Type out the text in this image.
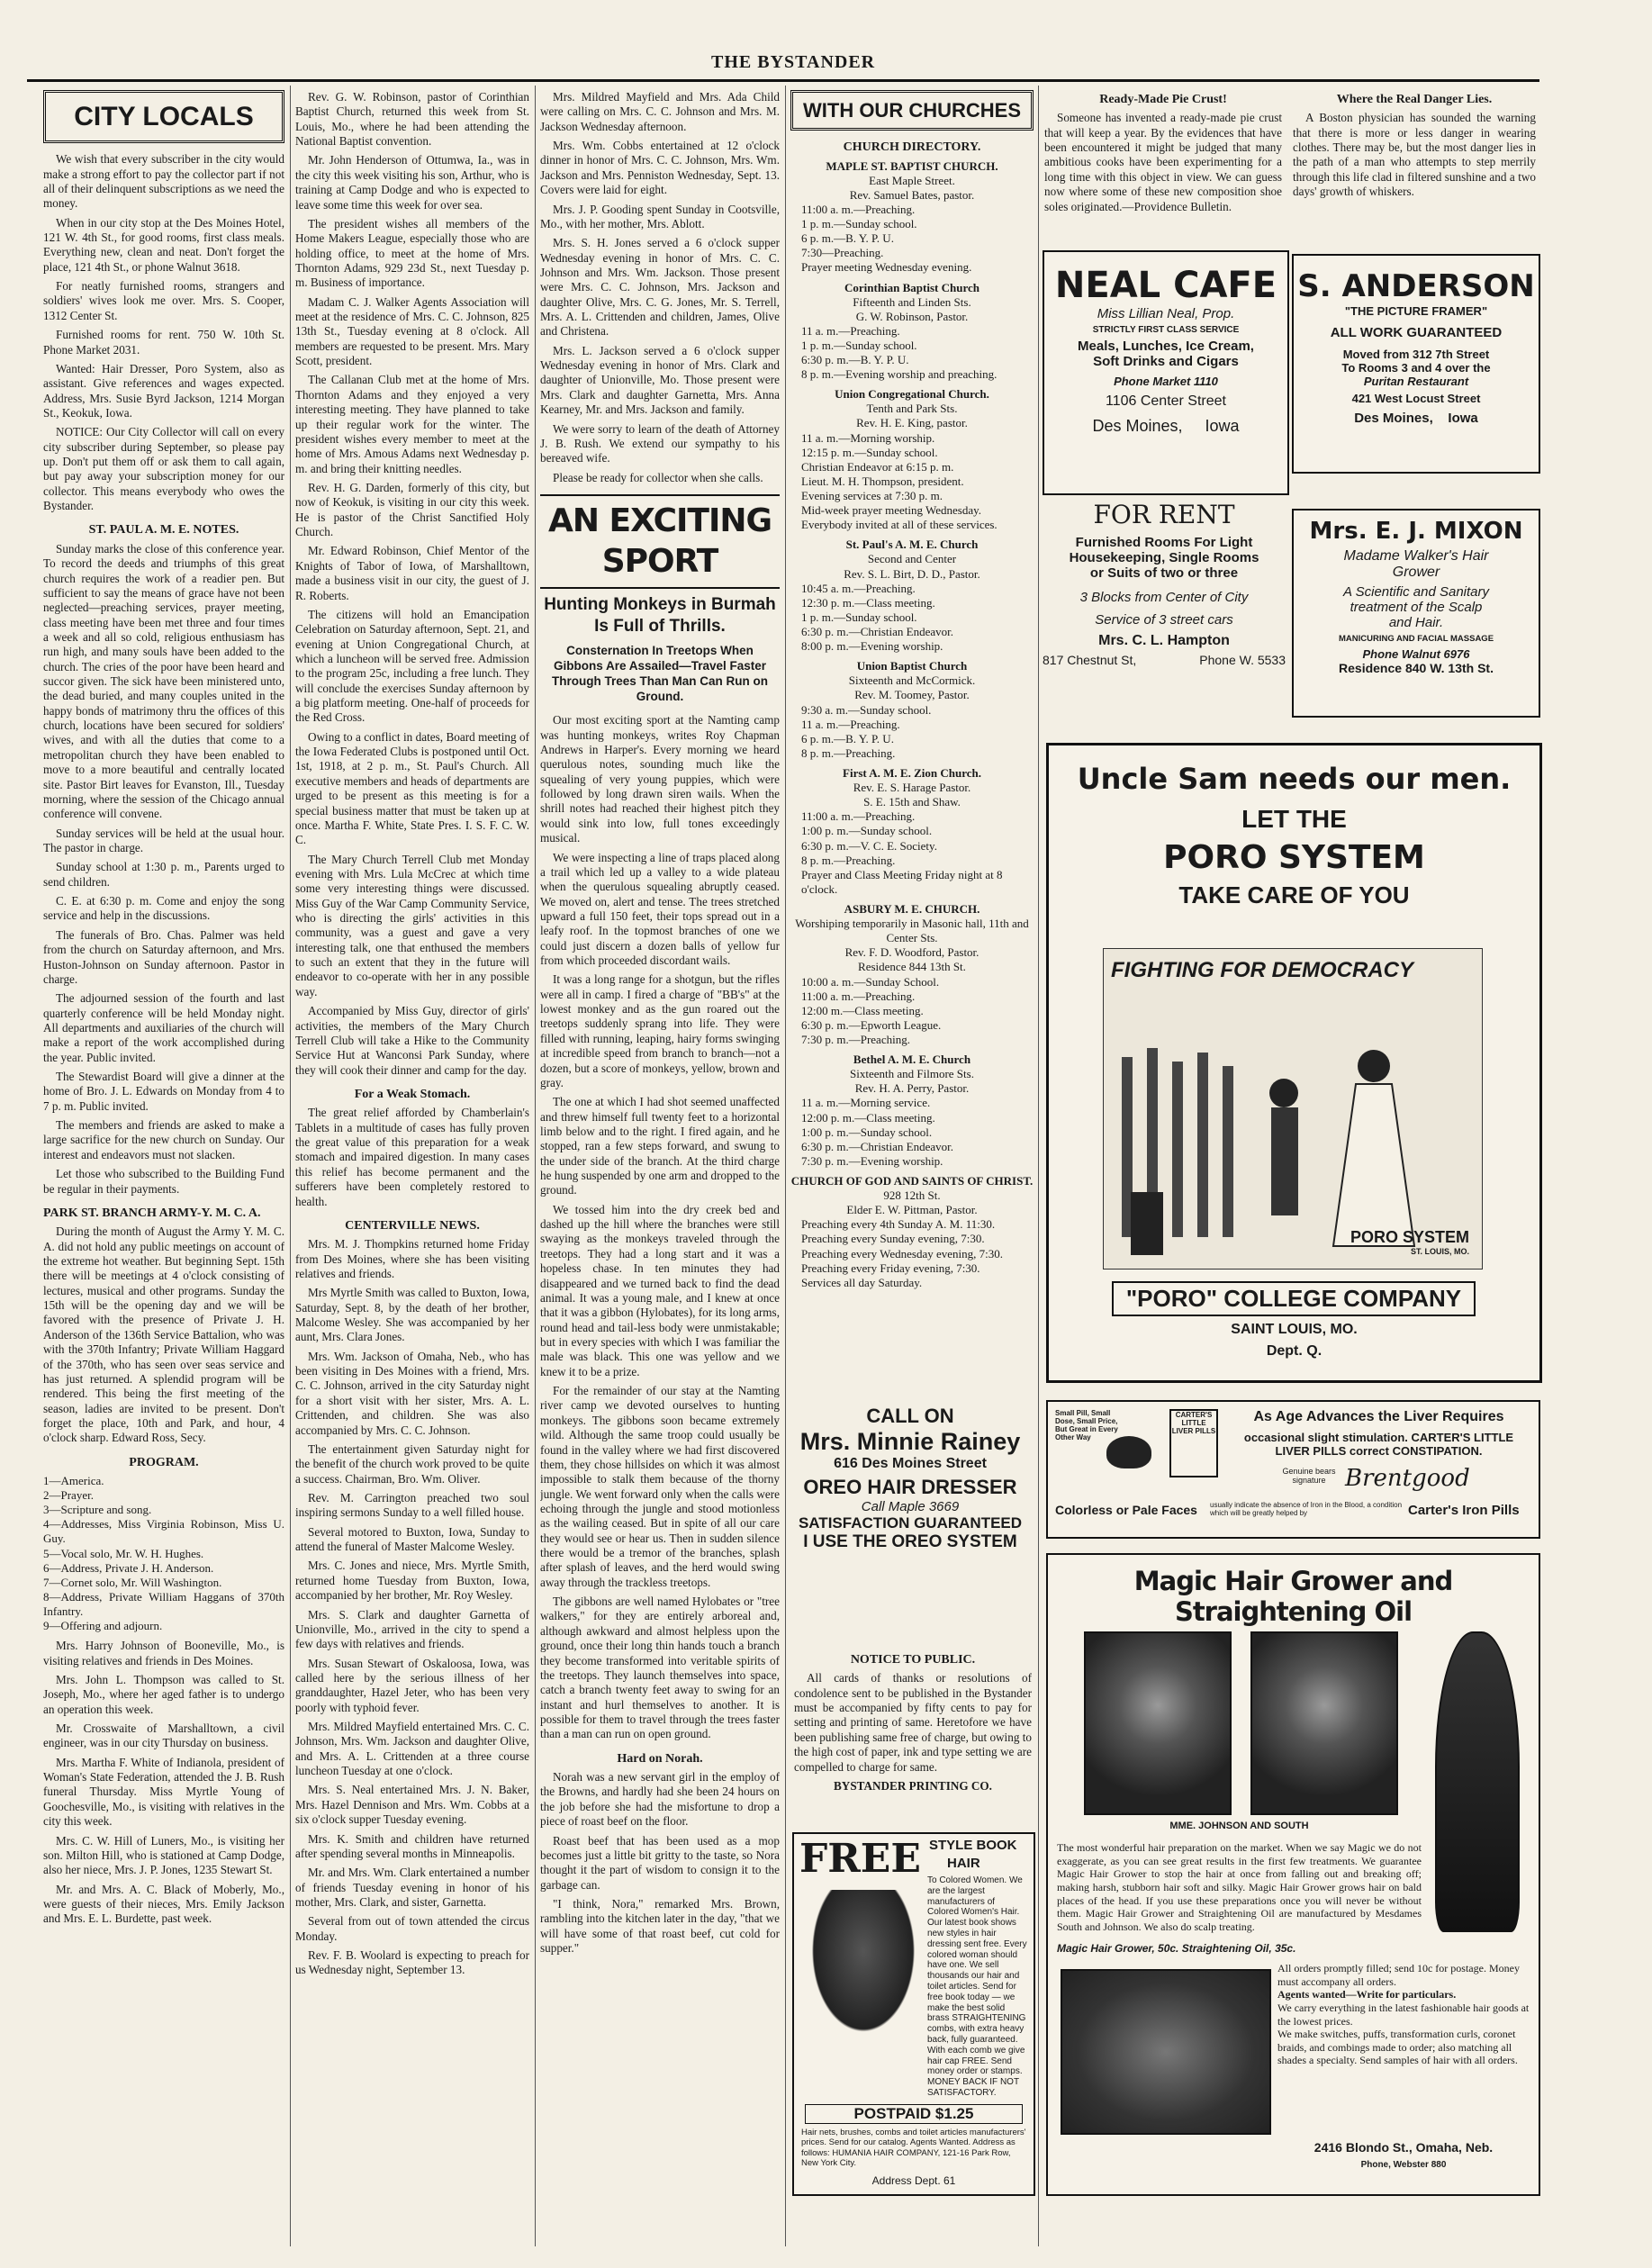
THE BYSTANDER
CITY LOCALS

We wish that every subscriber in the city would make a strong effort to pay the collector part if not all of their delinquent subscriptions as we need the money.

When in our city stop at the Des Moines Hotel, 121 W. 4th St., for good rooms, first class meals. Everything new, clean and neat. Don't forget the place, 121 4th St., or phone Walnut 3618.

For neatly furnished rooms, strangers and soldiers' wives look me over. Mrs. S. Cooper, 1312 Center St.

Furnished rooms for rent. 750 W. 10th St. Phone Market 2031.

Wanted: Hair Dresser, Poro System, also as assistant. Give references and wages expected. Address, Mrs. Susie Byrd Jackson, 1214 Morgan St., Keokuk, Iowa.

NOTICE: Our City Collector will call on every city subscriber during September, so please pay up. Don't put them off or ask them to call again, but pay away your subscription money for our collector. This means everybody who owes the Bystander.

ST. PAUL A. M. E. NOTES.

Sunday marks the close of this conference year. To record the deeds and triumphs of this great church requires the work of a readier pen. But sufficient to say the means of grace have not been neglected—preaching services, prayer meeting, class meeting have been met three and four times a week and all so cold, religious enthusiasm has run high, and many souls have been added to the church. The cries of the poor have been heard and succor given. The sick have been ministered unto, the dead buried, and many couples united in the happy bonds of matrimony thru the offices of this church, locations have been secured for soldiers' wives, and with all the duties that come to a metropolitan church they have been enabled to move to a more beautiful and centrally located site. Pastor Birt leaves for Evanston, Ill., Tuesday morning, where the session of the Chicago annual conference will convene.

Sunday services will be held at the usual hour. The pastor in charge.

Sunday school at 1:30 p. m., Parents urged to send children.

C. E. at 6:30 p. m. Come and enjoy the song service and help in the discussions.

The funerals of Bro. Chas. Palmer was held from the church on Saturday afternoon, and Mrs. Huston-Johnson on Sunday afternoon. Pastor in charge.

The adjourned session of the fourth and last quarterly conference will be held Monday night. All departments and auxiliaries of the church will make a report of the work accomplished during the year. Public invited.

The Stewardist Board will give a dinner at the home of Bro. J. L. Edwards on Monday from 4 to 7 p. m. Public invited.

The members and friends are asked to make a large sacrifice for the new church on Sunday. Our interest and endeavors must not slacken.

Let those who subscribed to the Building Fund be regular in their payments.

PARK ST. BRANCH ARMY-Y. M. C. A.

During the month of August the Army Y. M. C. A. did not hold any public meetings on account of the extreme hot weather. But beginning Sept. 15th there will be meetings at 4 o'clock consisting of lectures, musical and other programs. Sunday the 15th will be the opening day and we will be favored with the presence of Private J. H. Anderson of the 136th Service Battalion, who was with the 370th Infantry; Private William Haggard of the 370th, who has seen over seas service and has just returned. A splendid program will be rendered. This being the first meeting of the season, ladies are invited to be present. Don't forget the place, 10th and Park, and hour, 4 o'clock sharp. Edward Ross, Secy.

PROGRAM.
1—America.
2—Prayer.
3—Scripture and song.
4—Addresses, Miss Virginia Robinson, Miss U. Guy.
5—Vocal solo, Mr. W. H. Hughes.
6—Address, Private J. H. Anderson.
7—Cornet solo, Mr. Will Washington.
8—Address, Private William Haggans of 370th Infantry.
9—Offering and adjourn.

Mrs. Harry Johnson of Booneville, Mo., is visiting relatives and friends in Des Moines.

Mrs. John L. Thompson was called to St. Joseph, Mo., where her aged father is to undergo an operation this week.

Mr. Crosswaite of Marshalltown, a civil engineer, was in our city Thursday on business.

Mrs. Martha F. White of Indianola, president of Woman's State Federation, attended the J. B. Rush funeral Thursday. Miss Myrtle Young of Goochesville, Mo., is visiting with relatives in the city this week.

Mrs. C. W. Hill of Luners, Mo., is visiting her son. Milton Hill, who is stationed at Camp Dodge, also her niece, Mrs. J. P. Jones, 1235 Stewart St.

Mr. and Mrs. A. C. Black of Moberly, Mo., were guests of their nieces, Mrs. Emily Jackson and Mrs. E. L. Burdette, past week.

Rev. G. W. Robinson, pastor of Corinthian Baptist Church, returned this week from St. Louis, Mo., where he had been attending the National Baptist convention.

Mr. John Henderson of Ottumwa, Ia., was in the city this week visiting his son, Arthur, who is training at Camp Dodge and who is expected to leave some time this week for over sea.

The president wishes all members of the Home Makers League, especially those who are holding office, to meet at the home of Mrs. Thornton Adams, 929 23d St., next Tuesday p. m. Business of importance.

Madam C. J. Walker Agents Association will meet at the residence of Mrs. C. C. Johnson, 825 13th St., Tuesday evening at 8 o'clock. All members are requested to be present. Mrs. Mary Scott, president.

The Callanan Club met at the home of Mrs. Thornton Adams and they enjoyed a very interesting meeting. They have planned to take up their regular work for the winter. The president wishes every member to meet at the home of Mrs. Amous Adams next Wednesday p. m. and bring their knitting needles.

Rev. H. G. Darden, formerly of this city, but now of Keokuk, is visiting in our city this week. He is pastor of the Christ Sanctified Holy Church.

Mr. Edward Robinson, Chief Mentor of the Knights of Tabor of Iowa, of Marshalltown, made a business visit in our city, the guest of J. R. Roberts.

The citizens will hold an Emancipation Celebration on Saturday afternoon, Sept. 21, and evening at Union Congregational Church, at which a luncheon will be served free. Admission to the program 25c, including a free lunch. They will conclude the exercises Sunday afternoon by a big platform meeting. One-half of proceeds for the Red Cross.

Owing to a conflict in dates, Board meeting of the Iowa Federated Clubs is postponed until Oct. 1st, 1918, at 2 p. m., St. Paul's Church. All executive members and heads of departments are urged to be present as this meeting is for a special business matter that must be taken up at once. Martha F. White, State Pres. I. S. F. C. W. C.

The Mary Church Terrell Club met Monday evening with Mrs. Lula McCrec at which time some very interesting things were discussed. Miss Guy of the War Camp Community Service, who is directing the girls' activities in this community, was a guest and gave a very interesting talk, one that enthused the members to such an extent that they in the future will endeavor to co-operate with her in any possible way.

Accompanied by Miss Guy, director of girls' activities, the members of the Mary Church Terrell Club will take a Hike to the Community Service Hut at Wanconsi Park Sunday, where they will cook their dinner and camp for the day.

For a Weak Stomach.

The great relief afforded by Chamberlain's Tablets in a multitude of cases has fully proven the great value of this preparation for a weak stomach and impaired digestion. In many cases this relief has become permanent and the sufferers have been completely restored to health.

CENTERVILLE NEWS.

Mrs. M. J. Thompkins returned home Friday from Des Moines, where she has been visiting relatives and friends.

Mrs Myrtle Smith was called to Buxton, Iowa, Saturday, Sept. 8, by the death of her brother, Malcome Wesley. She was accompanied by her aunt, Mrs. Clara Jones.

Mrs. Wm. Jackson of Omaha, Neb., who has been visiting in Des Moines with a friend, Mrs. C. C. Johnson, arrived in the city Saturday night for a short visit with her sister, Mrs. A. L. Crittenden, and children. She was also accompanied by Mrs. C. C. Johnson.

The entertainment given Saturday night for the benefit of the church work proved to be quite a success. Chairman, Bro. Wm. Oliver.

Rev. M. Carrington preached two soul inspiring sermons Sunday to a well filled house.

Several motored to Buxton, Iowa, Sunday to attend the funeral of Master Malcome Wesley.

Mrs. C. Jones and niece, Mrs. Myrtle Smith, returned home Tuesday from Buxton, Iowa, accompanied by her brother, Mr. Roy Wesley.

Mrs. S. Clark and daughter Garnetta of Unionville, Mo., arrived in the city to spend a few days with relatives and friends.

Mrs. Susan Stewart of Oskaloosa, Iowa, was called here by the serious illness of her granddaughter, Hazel Jeter, who has been very poorly with typhoid fever.

Mrs. Mildred Mayfield entertained Mrs. C. C. Johnson, Mrs. Wm. Jackson and daughter Olive, and Mrs. A. L. Crittenden at a three course luncheon Tuesday at one o'clock.

Mrs. S. Neal entertained Mrs. J. N. Baker, Mrs. Hazel Dennison and Mrs. Wm. Cobbs at a six o'clock supper Tuesday evening.

Mrs. K. Smith and children have returned after spending several months in Minneapolis.

Mr. and Mrs. Wm. Clark entertained a number of friends Tuesday evening in honor of his mother, Mrs. Clark, and sister, Garnetta.

Several from out of town attended the circus Monday.

Rev. F. B. Woolard is expecting to preach for us Wednesday night, September 13.

Mrs. Mildred Mayfield and Mrs. Ada Child were calling on Mrs. C. C. Johnson and Mrs. M. Jackson Wednesday afternoon.

Mrs. Wm. Cobbs entertained at 12 o'clock dinner in honor of Mrs. C. C. Johnson, Mrs. Wm. Jackson and Mrs. Penniston Wednesday, Sept. 13. Covers were laid for eight.

Mrs. J. P. Gooding spent Sunday in Cootsville, Mo., with her mother, Mrs. Ablott.

Mrs. S. H. Jones served a 6 o'clock supper Wednesday evening in honor of Mrs. C. C. Johnson and Mrs. Wm. Jackson. Those present were Mrs. C. C. Johnson, Mrs. Jackson and daughter Olive, Mrs. C. G. Jones, Mr. S. Terrell, Mrs. A. L. Crittenden and children, James, Olive and Christena.

Mrs. L. Jackson served a 6 o'clock supper Wednesday evening in honor of Mrs. Clark and daughter of Unionville, Mo. Those present were Mrs. Clark and daughter Garnetta, Mrs. Anna Kearney, Mr. and Mrs. Jackson and family.

We were sorry to learn of the death of Attorney J. B. Rush. We extend our sympathy to his bereaved wife.

Please be ready for collector when she calls.

AN EXCITING SPORT
Hunting Monkeys in Burmah Is Full of Thrills.
Consternation In Treetops When Gibbons Are Assailed—Travel Faster Through Trees Than Man Can Run on Ground.

Our most exciting sport at the Namting camp was hunting monkeys, writes Roy Chapman Andrews in Harper's. Every morning we heard querulous notes, sounding much like the squealing of very young puppies, which were followed by long drawn siren wails. When the shrill notes had reached their highest pitch they would sink into low, full tones exceedingly musical.

We were inspecting a line of traps placed along a trail which led up a valley to a wide plateau when the querulous squealing abruptly ceased. We moved on, alert and tense. The trees stretched upward a full 150 feet, their tops spread out in a leafy roof. In the topmost branches of one we could just discern a dozen balls of yellow fur from which proceeded discordant wails.

It was a long range for a shotgun, but the rifles were all in camp. I fired a charge of "BB's" at the lowest monkey and as the gun roared out the treetops suddenly sprang into life. They were filled with running, leaping, hairy forms swinging at incredible speed from branch to branch—not a dozen, but a score of monkeys, yellow, brown and gray.

The one at which I had shot seemed unaffected and threw himself full twenty feet to a horizontal limb below and to the right. I fired again, and he stopped, ran a few steps forward, and swung to the under side of the branch. At the third charge he hung suspended by one arm and dropped to the ground.

We tossed him into the dry creek bed and dashed up the hill where the branches were still swaying as the monkeys traveled through the treetops. They had a long start and it was a hopeless chase. In ten minutes they had disappeared and we turned back to find the dead animal. It was a young male, and I knew at once that it was a gibbon (Hylobates), for its long arms, round head and tail-less body were unmistakable; but in every species with which I was familiar the male was black. This one was yellow and we knew it to be a prize.

For the remainder of our stay at the Namting river camp we devoted ourselves to hunting monkeys. The gibbons soon became extremely wild. Although the same troop could usually be found in the valley where we had first discovered them, they chose hillsides on which it was almost impossible to stalk them because of the thorny jungle. We went forward only when the calls were echoing through the jungle and stood motionless as the wailing ceased. But in spite of all our care they would see or hear us. Then in sudden silence there would be a tremor of the branches, splash after splash of leaves, and the herd would swing away through the trackless treetops.

The gibbons are well named Hylobates or "tree walkers," for they are entirely arboreal and, although awkward and almost helpless upon the ground, once their long thin hands touch a branch they become transformed into veritable spirits of the treetops. They launch themselves into space, catch a branch twenty feet away to swing for an instant and hurl themselves to another. It is possible for them to travel through the trees faster than a man can run on open ground.

Hard on Norah.

Norah was a new servant girl in the employ of the Browns, and hardly had she been 24 hours on the job before she had the misfortune to drop a piece of roast beef on the floor.

Roast beef that has been used as a mop becomes just a little bit gritty to the taste, so Nora thought it the part of wisdom to consign it to the garbage can.

"I think, Nora," remarked Mrs. Brown, rambling into the kitchen later in the day, "that we will have some of that roast beef, cut cold for supper."

WITH OUR CHURCHES
CHURCH DIRECTORY.
MAPLE ST. BAPTIST CHURCH.
East Maple Street.
Rev. Samuel Bates, pastor.
11:00 a. m.—Preaching.
1 p. m.—Sunday school.
6 p. m.—B. Y. P. U.
7:30—Preaching.
Prayer meeting Wednesday evening.
Corinthian Baptist Church
Fifteenth and Linden Sts.
G. W. Robinson, Pastor.
11 a. m.—Preaching.
1 p. m.—Sunday school.
6:30 p. m.—B. Y. P. U.
8 p. m.—Evening worship and preaching.
Union Congregational Church.
Tenth and Park Sts.
Rev. H. E. King, pastor.
11 a. m.—Morning worship.
12:15 p. m.—Sunday school.
Christian Endeavor at 6:15 p. m.
Lieut. M. H. Thompson, president.
Evening services at 7:30 p. m.
Mid-week prayer meeting Wednesday.
Everybody invited at all of these services.
St. Paul's A. M. E. Church
Second and Center
Rev. S. L. Birt, D. D., Pastor.
10:45 a. m.—Preaching.
12:30 p. m.—Class meeting.
1 p. m.—Sunday school.
6:30 p. m.—Christian Endeavor.
8:00 p. m.—Evening worship.
Union Baptist Church
Sixteenth and McCormick.
Rev. M. Toomey, Pastor.
9:30 a. m.—Sunday school.
11 a. m.—Preaching.
6 p. m.—B. Y. P. U.
8 p. m.—Preaching.
First A. M. E. Zion Church.
Rev. E. S. Harage Pastor.
S. E. 15th and Shaw.
11:00 a. m.—Preaching.
1:00 p. m.—Sunday school.
6:30 p. m.—V. C. E. Society.
8 p. m.—Preaching.
Prayer and Class Meeting Friday night at 8 o'clock.
ASBURY M. E. CHURCH.
Worshiping temporarily in Masonic hall, 11th and Center Sts.
Rev. F. D. Woodford, Pastor.
Residence 844 13th St.
10:00 a. m.—Sunday School.
11:00 a. m.—Preaching.
12:00 m.—Class meeting.
6:30 p. m.—Epworth League.
7:30 p. m.—Preaching.
Bethel A. M. E. Church
Sixteenth and Filmore Sts.
Rev. H. A. Perry, Pastor.
11 a. m.—Morning service.
12:00 p. m.—Class meeting.
1:00 p. m.—Sunday school.
6:30 p. m.—Christian Endeavor.
7:30 p. m.—Evening worship.
CHURCH OF GOD AND SAINTS OF CHRIST.
928 12th St.
Elder E. W. Pittman, Pastor.
Preaching every 4th Sunday A. M. 11:30.
Preaching every Sunday evening, 7:30.
Preaching every Wednesday evening, 7:30.
Preaching every Friday evening, 7:30.
Services all day Saturday.
CALL ON
Mrs. Minnie Rainey
616 Des Moines Street
OREO HAIR DRESSER
Call Maple 3669
SATISFACTION GUARANTEED
I USE THE OREO SYSTEM
NOTICE TO PUBLIC.

All cards of thanks or resolutions of condolence sent to be published in the Bystander must be accompanied by fifty cents to pay for setting and printing of same. Heretofore we have been publishing same free of charge, but owing to the high cost of paper, ink and type setting we are compelled to charge for same.

BYSTANDER PRINTING CO.
FREE STYLE BOOK
HAIR
To Colored Women. We are the largest manufacturers of Colored Women's Hair. Our latest book shows new styles in hair dressing sent free. Every colored woman should have one. We sell thousands our hair and toilet articles. Send for free book today — we make the best solid brass STRAIGHTENING combs, with extra heavy back, fully guaranteed. With each comb we give hair cap FREE. Send money order or stamps. MONEY BACK IF NOT SATISFACTORY.
POSTPAID $1.25
Hair nets, brushes, combs and toilet articles manufacturers' prices. Send for our catalog. Agents Wanted. Address as follows: HUMANIA HAIR COMPANY, 121-16 Park Row, New York City.
Address Dept. 61
Ready-Made Pie Crust!

Someone has invented a ready-made pie crust that will keep a year. By the evidences that have been encountered it might be judged that many ambitious cooks have been experimenting for a long time with this object in view. We can guess now where some of these new composition shoe soles originated.—Providence Bulletin.

NEAL CAFE
Miss Lillian Neal, Prop.
STRICTLY FIRST CLASS SERVICE
Meals, Lunches, Ice Cream,
Soft Drinks and Cigars
Phone Market 1110
1106 Center Street
Des Moines, Iowa
FOR RENT
Furnished Rooms For Light
Housekeeping, Single Rooms
or Suits of two or three
3 Blocks from Center of City
Service of 3 street cars
Mrs. C. L. Hampton
817 Chestnut St,	Phone W. 5533
Where the Real Danger Lies.

A Boston physician has sounded the warning that there is more or less danger in wearing clothes. There may be, but the most danger lies in the path of a man who attempts to step merrily through this life clad in filtered sunshine and a two days' growth of whiskers.

S. ANDERSON
"THE PICTURE FRAMER"
ALL WORK GUARANTEED
Moved from 312 7th Street
To Rooms 3 and 4 over the
Puritan Restaurant
421 West Locust Street
Des Moines, Iowa
Mrs. E. J. MIXON
Madame Walker's Hair
Grower
A Scientific and Sanitary
treatment of the Scalp
and Hair.
MANICURING AND FACIAL MASSAGE
Phone Walnut 6976
Residence 840 W. 13th St.
Uncle Sam needs our men.
LET THE
PORO SYSTEM
TAKE CARE OF YOU
FIGHTING FOR DEMOCRACY
PORO SYSTEM
ST. LOUIS, MO.
"PORO" COLLEGE COMPANY
SAINT LOUIS, MO.
Dept. Q.
Small Pill, Small Dose, Small Price, But Great in Every Other Way
CARTER'S LITTLE LIVER PILLS
As Age Advances the Liver Requires
occasional slight stimulation. CARTER'S LITTLE LIVER PILLS correct CONSTIPATION.
Genuine bears signature Brentgood
Colorless or Pale Faces usually indicate the absence of Iron in the Blood, a condition which will be greatly helped by	Carter's Iron Pills
Magic Hair Grower and Straightening Oil
MME. JOHNSON AND SOUTH
The most wonderful hair preparation on the market. When we say Magic we do not exaggerate, as you can see great results in the first few treatments. We guarantee Magic Hair Grower to stop the hair at once from falling out and breaking off; making harsh, stubborn hair soft and silky. Magic Hair Grower grows hair on bald places of the head. If you use these preparations once you will never be without them. Magic Hair Grower and Straightening Oil are manufactured by Mesdames South and Johnson. We also do scalp treating.
Magic Hair Grower, 50c. Straightening Oil, 35c.
All orders promptly filled; send 10c for postage. Money must accompany all orders.
Agents wanted—Write for particulars.
We carry everything in the latest fashionable hair goods at the lowest prices.
We make switches, puffs, transformation curls, coronet braids, and combings made to order; also matching all shades a specialty. Send samples of hair with all orders.
2416 Blondo St., Omaha, Neb.
Phone, Webster 880
